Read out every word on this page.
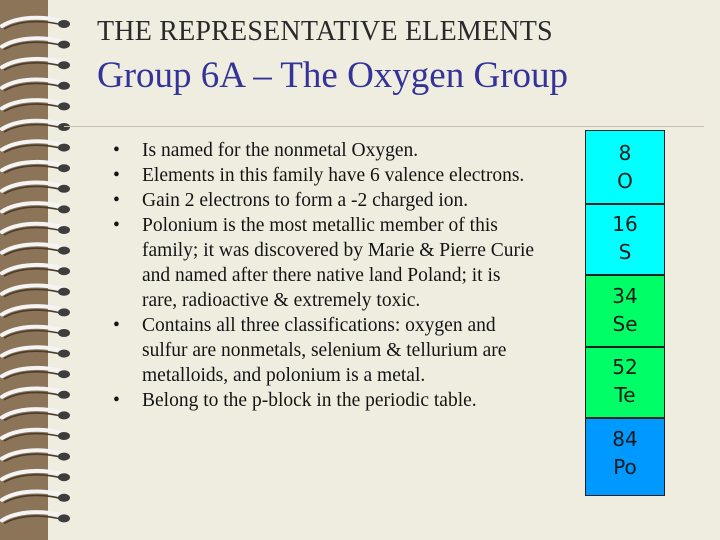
THE REPRESENTATIVE ELEMENTS
Group 6A – The Oxygen Group
• Is named for the nonmetal Oxygen.
• Elements in this family have 6 valence electrons.
• Gain 2 electrons to form a -2 charged ion.
• Polonium is the most metallic member of this family; it was discovered by Marie & Pierre Curie and named after there native land Poland; it is rare, radioactive & extremely toxic.
• Contains all three classifications: oxygen and sulfur are nonmetals, selenium & tellurium are metalloids, and polonium is a metal.
• Belong to the p-block in the periodic table.
8
O
16
S
34
Se
52
Te
84
Po
